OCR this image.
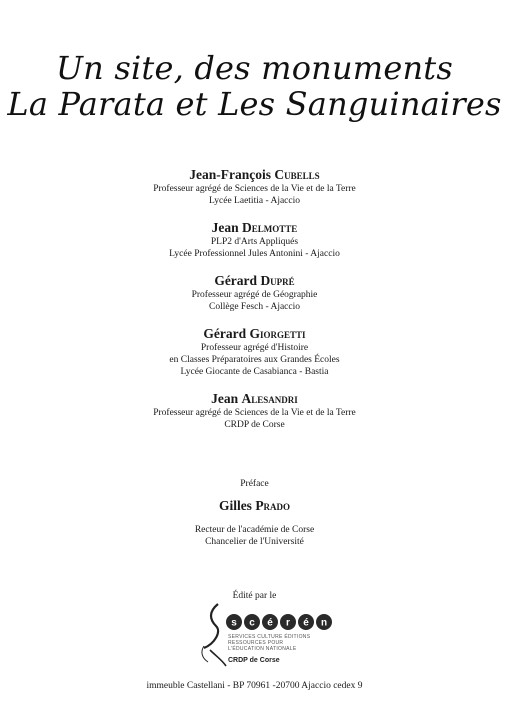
Un site, des monuments
La Parata et Les Sanguinaires
Jean-François Cubells
Professeur agrégé de Sciences de la Vie et de la Terre
Lycée Laetitia - Ajaccio
Jean Delmotte
PLP2 d'Arts Appliqués
Lycée Professionnel Jules Antonini - Ajaccio
Gérard Dupré
Professeur agrégé de Géographie
Collège Fesch - Ajaccio
Gérard Giorgetti
Professeur agrégé d'Histoire
en Classes Préparatoires aux Grandes Écoles
Lycée Giocante de Casabianca - Bastia
Jean Alesandri
Professeur agrégé de Sciences de la Vie et de la Terre
CRDP de Corse
Préface
Gilles Prado
Recteur de l'académie de Corse
Chancelier de l'Université
Édité par le
s c é r é n
SERVICES CULTURE ÉDITIONS
RESSOURCES POUR
L'ÉDUCATION NATIONALE
CRDP de Corse
immeuble Castellani - BP 70961 -20700 Ajaccio cedex 9
